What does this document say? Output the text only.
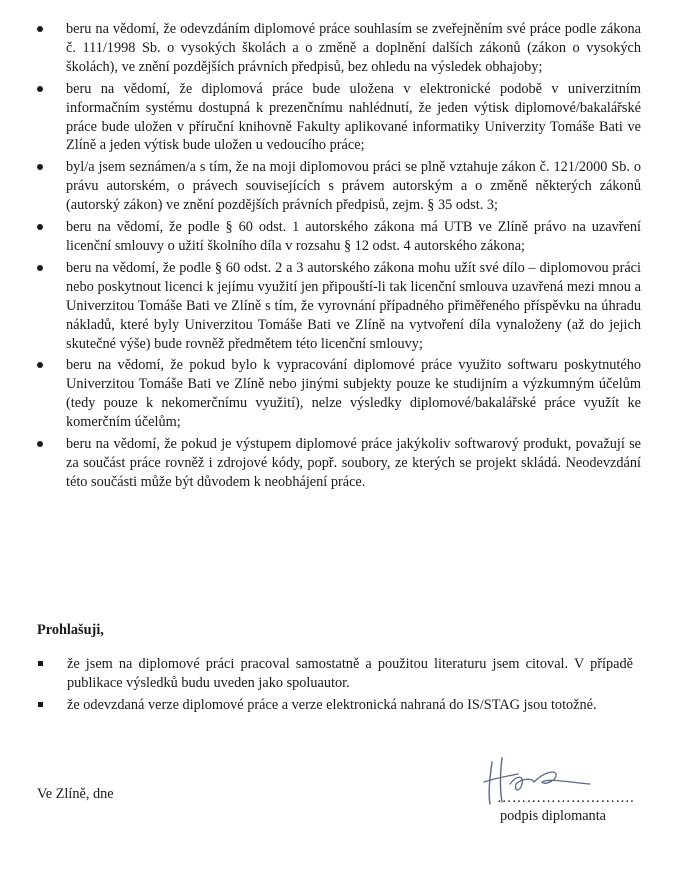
beru na vědomí, že odevzdáním diplomové práce souhlasím se zveřejněním své práce podle zákona č. 111/1998 Sb. o vysokých školách a o změně a doplnění dalších zákonů (zákon o vysokých školách), ve znění pozdějších právních předpisů, bez ohledu na výsledek obhajoby;
beru na vědomí, že diplomová práce bude uložena v elektronické podobě v univerzitním informačním systému dostupná k prezenčnímu nahlédnutí, že jeden výtisk diplomové/bakalářské práce bude uložen v příruční knihovně Fakulty aplikované informatiky Univerzity Tomáše Bati ve Zlíně a jeden výtisk bude uložen u vedoucího práce;
byl/a jsem seznámen/a s tím, že na moji diplomovou práci se plně vztahuje zákon č. 121/2000 Sb. o právu autorském, o právech souvisejících s právem autorským a o změně některých zákonů (autorský zákon) ve znění pozdějších právních předpisů, zejm. § 35 odst. 3;
beru na vědomí, že podle § 60 odst. 1 autorského zákona má UTB ve Zlíně právo na uzavření licenční smlouvy o užití školního díla v rozsahu § 12 odst. 4 autorského zákona;
beru na vědomí, že podle § 60 odst. 2 a 3 autorského zákona mohu užít své dílo – diplomovou práci nebo poskytnout licenci k jejímu využití jen připouští-li tak licenční smlouva uzavřená mezi mnou a Univerzitou Tomáše Bati ve Zlíně s tím, že vyrovnání případného přiměřeného příspěvku na úhradu nákladů, které byly Univerzitou Tomáše Bati ve Zlíně na vytvoření díla vynaloženy (až do jejich skutečné výše) bude rovněž předmětem této licenční smlouvy;
beru na vědomí, že pokud bylo k vypracování diplomové práce využito softwaru poskytnutého Univerzitou Tomáše Bati ve Zlíně nebo jinými subjekty pouze ke studijním a výzkumným účelům (tedy pouze k nekomerčnímu využití), nelze výsledky diplomové/bakalářské práce využít ke komerčním účelům;
beru na vědomí, že pokud je výstupem diplomové práce jakýkoliv softwarový produkt, považují se za součást práce rovněž i zdrojové kódy, popř. soubory, ze kterých se projekt skládá. Neodevzdání této součásti může být důvodem k neobhájení práce.
Prohlašuji,
že jsem na diplomové práci pracoval samostatně a použitou literaturu jsem citoval. V případě publikace výsledků budu uveden jako spoluautor.
že odevzdaná verze diplomové práce a verze elektronická nahraná do IS/STAG jsou totožné.
Ve Zlíně, dne	……………………….
podpis diplomanta
